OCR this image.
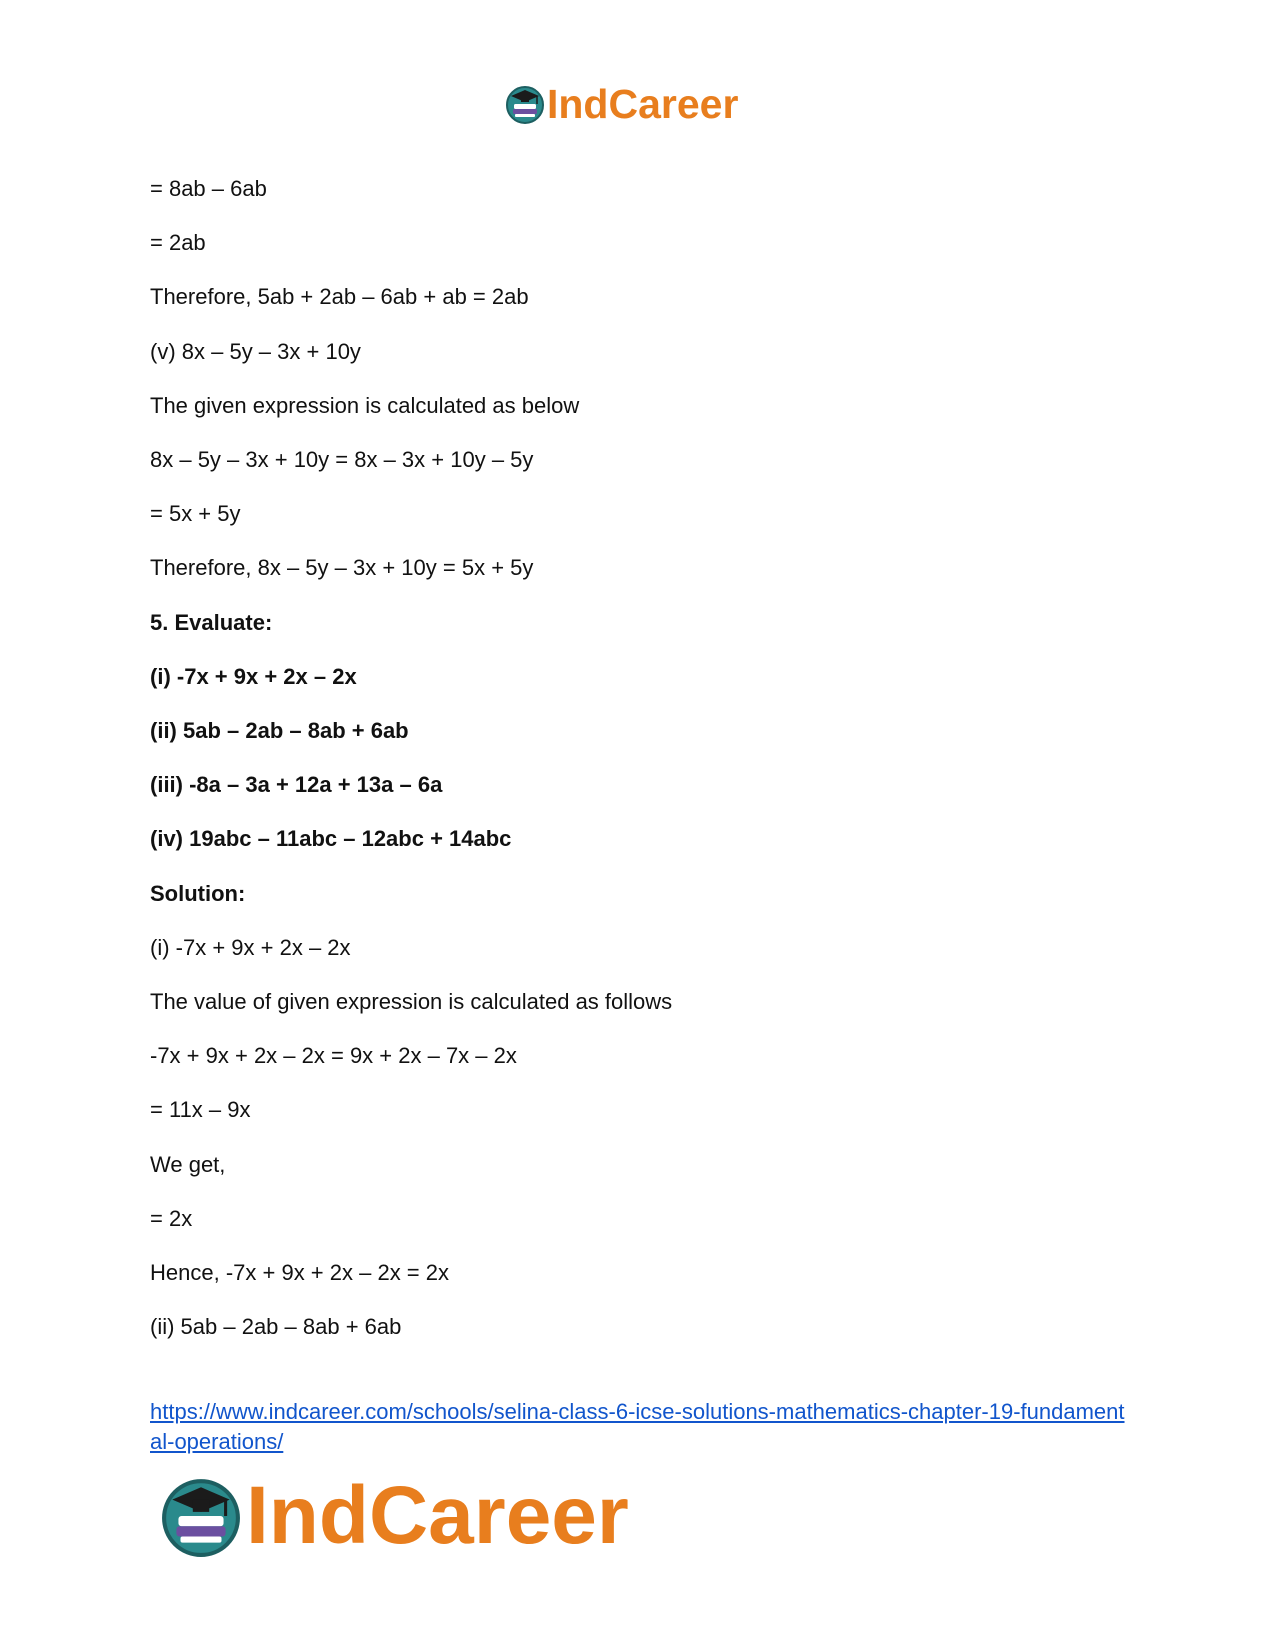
IndCareer
= 8ab – 6ab
= 2ab
Therefore, 5ab + 2ab – 6ab + ab = 2ab
(v) 8x – 5y – 3x + 10y
The given expression is calculated as below
8x – 5y – 3x + 10y = 8x – 3x + 10y – 5y
= 5x + 5y
Therefore, 8x – 5y – 3x + 10y = 5x + 5y
5. Evaluate:
(i) -7x + 9x + 2x – 2x
(ii) 5ab – 2ab – 8ab + 6ab
(iii) -8a – 3a + 12a + 13a – 6a
(iv) 19abc – 11abc – 12abc + 14abc
Solution:
(i) -7x + 9x + 2x – 2x
The value of given expression is calculated as follows
-7x + 9x + 2x – 2x = 9x + 2x – 7x – 2x
= 11x – 9x
We get,
= 2x
Hence, -7x + 9x + 2x – 2x = 2x
(ii) 5ab – 2ab – 8ab + 6ab
https://www.indcareer.com/schools/selina-class-6-icse-solutions-mathematics-chapter-19-fundamental-operations/
IndCareer
